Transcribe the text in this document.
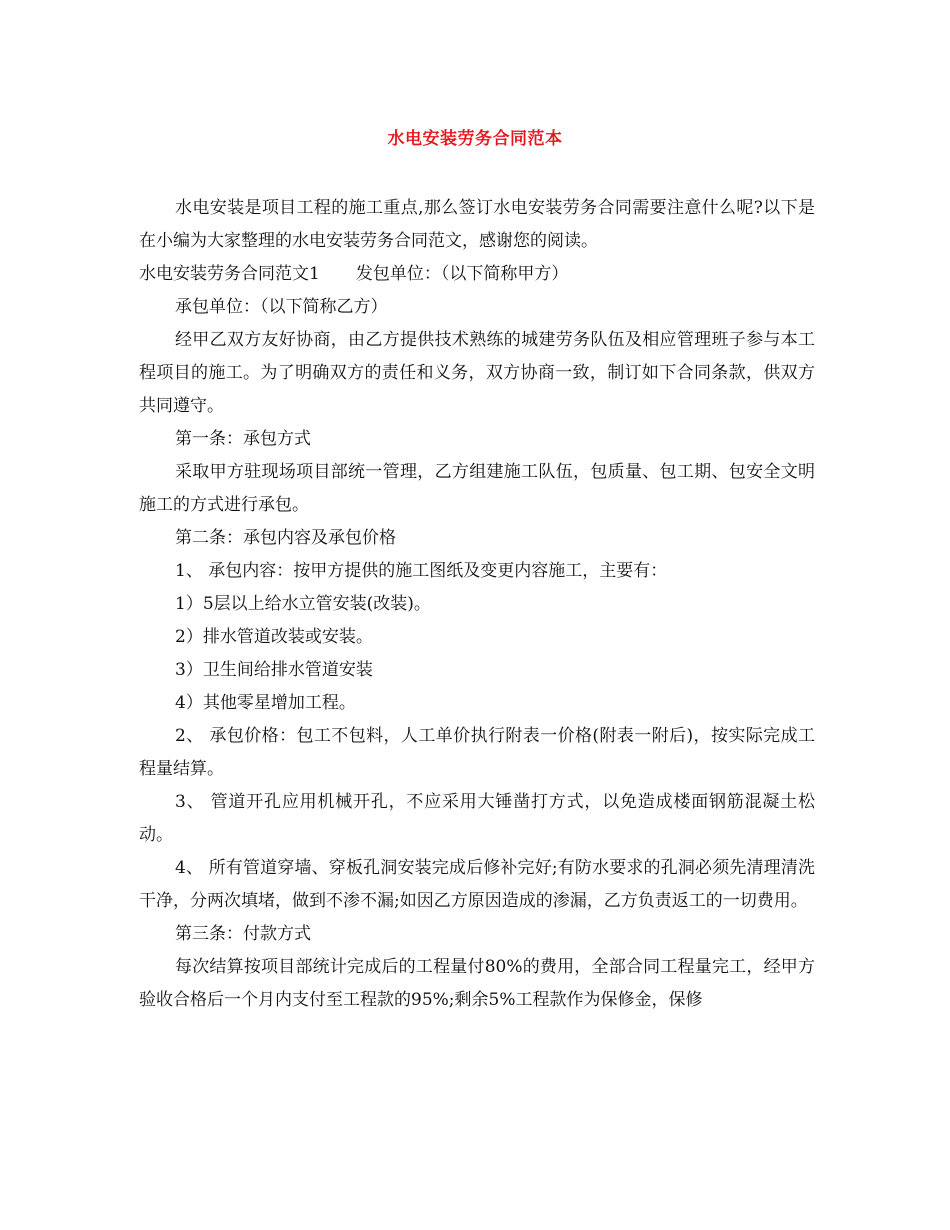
水电安装劳务合同范本

水电安装是项目工程的施工重点,那么签订水电安装劳务合同需要注意什么呢?以下是在小编为大家整理的水电安装劳务合同范文，感谢您的阅读。

水电安装劳务合同范文1 发包单位：（以下简称甲方）

承包单位：（以下简称乙方）

经甲乙双方友好协商，由乙方提供技术熟练的城建劳务队伍及相应管理班子参与本工程项目的施工。为了明确双方的责任和义务，双方协商一致，制订如下合同条款，供双方共同遵守。

第一条：承包方式

采取甲方驻现场项目部统一管理，乙方组建施工队伍，包质量、包工期、包安全文明施工的方式进行承包。

第二条：承包内容及承包价格

1、 承包内容：按甲方提供的施工图纸及变更内容施工，主要有：

1）5层以上给水立管安装(改装)。

2）排水管道改装或安装。

3）卫生间给排水管道安装

4）其他零星增加工程。

2、 承包价格：包工不包料，人工单价执行附表一价格(附表一附后)，按实际完成工程量结算。

3、 管道开孔应用机械开孔，不应采用大锤凿打方式，以免造成楼面钢筋混凝土松动。

4、 所有管道穿墙、穿板孔洞安装完成后修补完好;有防水要求的孔洞必须先清理清洗干净，分两次填堵，做到不渗不漏;如因乙方原因造成的渗漏，乙方负责返工的一切费用。

第三条：付款方式

每次结算按项目部统计完成后的工程量付80%的费用，全部合同工程量完工，经甲方验收合格后一个月内支付至工程款的95%;剩余5%工程款作为保修金，保修
